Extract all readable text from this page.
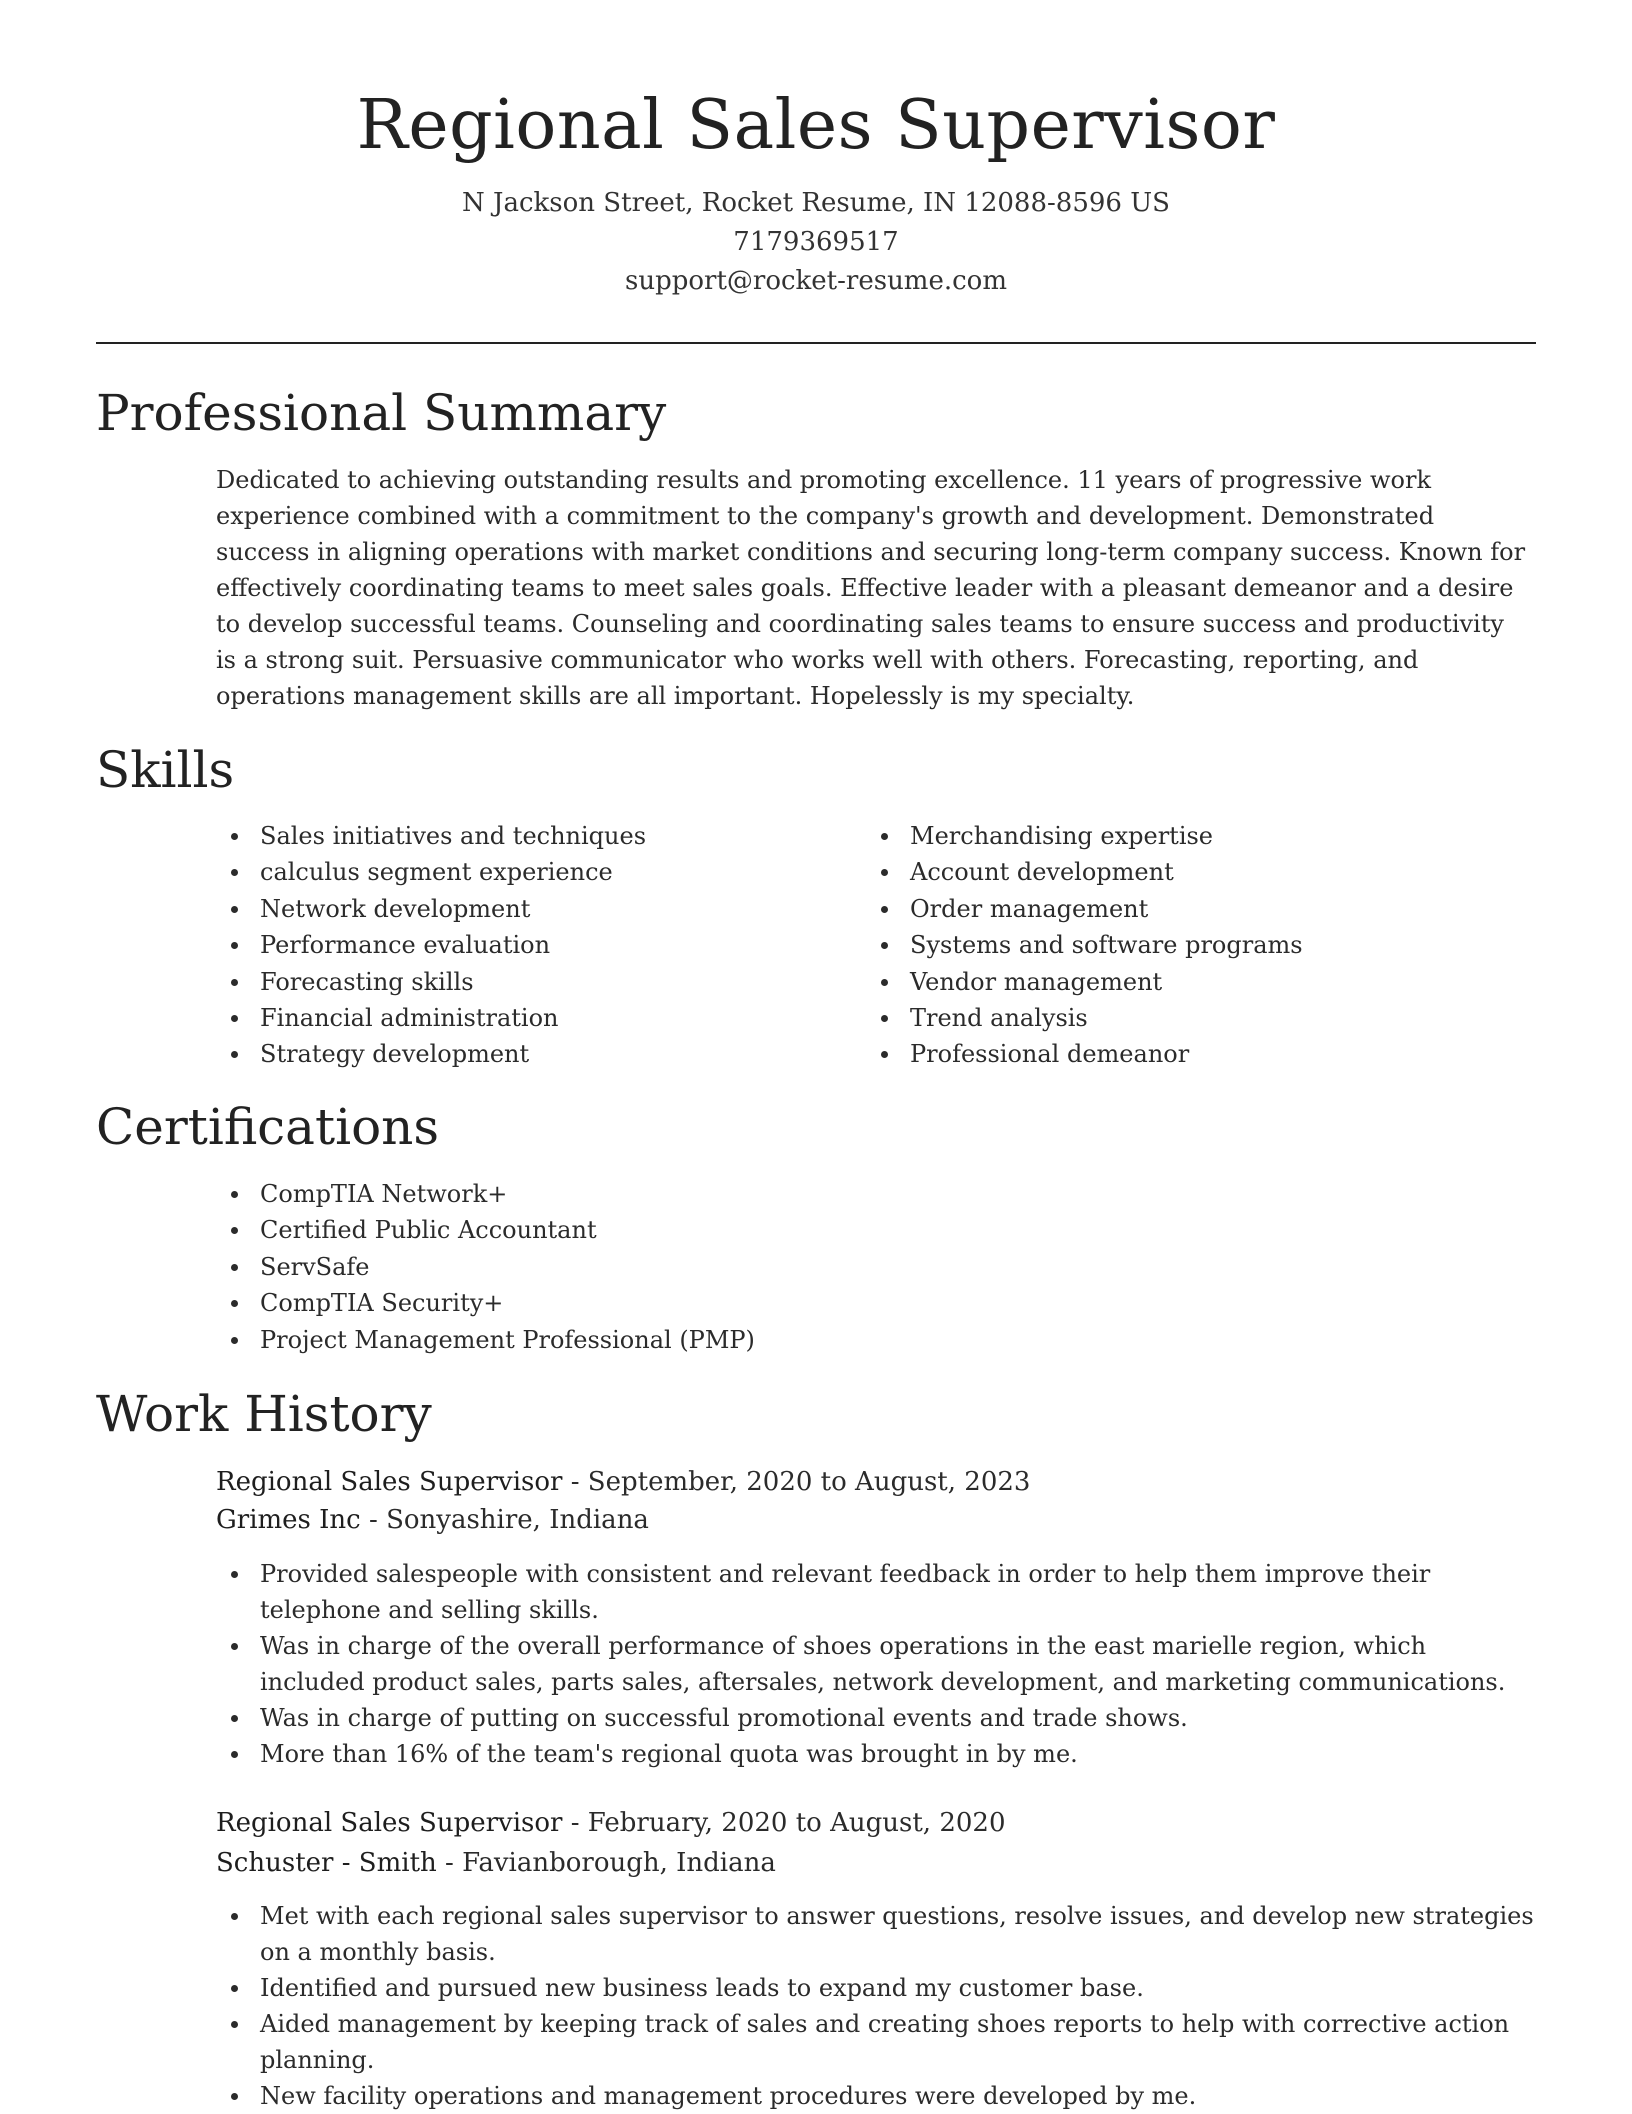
Regional Sales Supervisor
N Jackson Street, Rocket Resume, IN 12088-8596 US
7179369517
support@rocket-resume.com
Professional Summary

Dedicated to achieving outstanding results and promoting excellence. 11 years of progressive work experience combined with a commitment to the company's growth and development. Demonstrated success in aligning operations with market conditions and securing long-term company success. Known for effectively coordinating teams to meet sales goals. Effective leader with a pleasant demeanor and a desire to develop successful teams. Counseling and coordinating sales teams to ensure success and productivity is a strong suit. Persuasive communicator who works well with others. Forecasting, reporting, and operations management skills are all important. Hopelessly is my specialty.

Skills
Sales initiatives and techniques
calculus segment experience
Network development
Performance evaluation
Forecasting skills
Financial administration
Strategy development
Merchandising expertise
Account development
Order management
Systems and software programs
Vendor management
Trend analysis
Professional demeanor
Certifications
CompTIA Network+
Certified Public Accountant
ServSafe
CompTIA Security+
Project Management Professional (PMP)
Work History
Regional Sales Supervisor - September, 2020 to August, 2023
Grimes Inc - Sonyashire, Indiana
Provided salespeople with consistent and relevant feedback in order to help them improve their telephone and selling skills.
Was in charge of the overall performance of shoes operations in the east marielle region, which included product sales, parts sales, aftersales, network development, and marketing communications.
Was in charge of putting on successful promotional events and trade shows.
More than 16% of the team's regional quota was brought in by me.
Regional Sales Supervisor - February, 2020 to August, 2020
Schuster - Smith - Favianborough, Indiana
Met with each regional sales supervisor to answer questions, resolve issues, and develop new strategies on a monthly basis.
Identified and pursued new business leads to expand my customer base.
Aided management by keeping track of sales and creating shoes reports to help with corrective action planning.
New facility operations and management procedures were developed by me.
